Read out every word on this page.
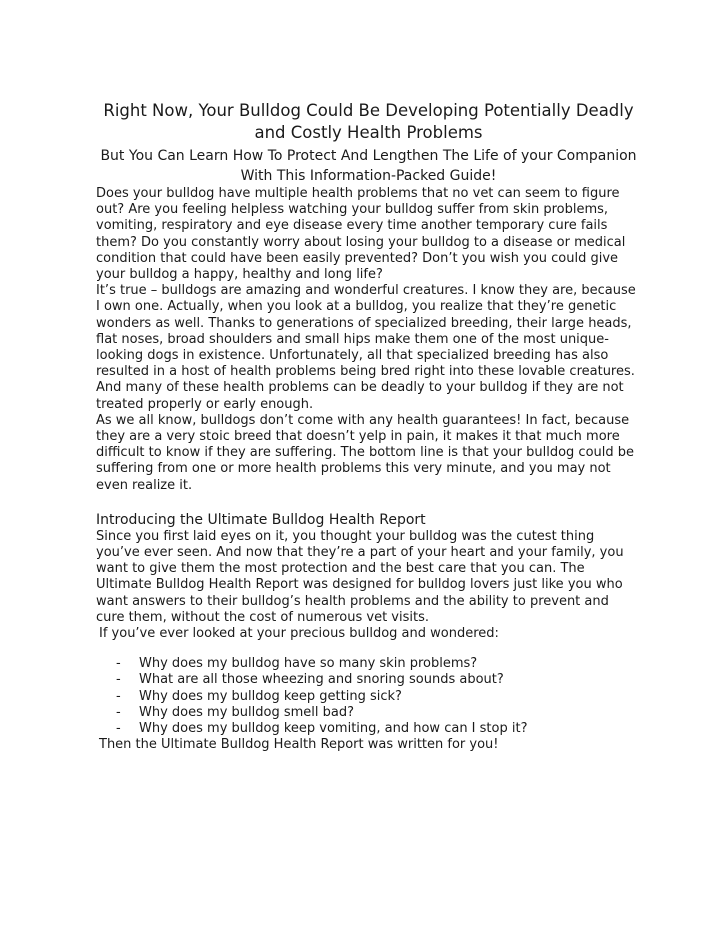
Right Now, Your Bulldog Could Be Developing Potentially Deadly and Costly Health Problems
But You Can Learn How To Protect And Lengthen The Life of your Companion With This Information-Packed Guide!

Does your bulldog have multiple health problems that no vet can seem to figure out? Are you feeling helpless watching your bulldog suffer from skin problems, vomiting, respiratory and eye disease every time another temporary cure fails them? Do you constantly worry about losing your bulldog to a disease or medical condition that could have been easily prevented? Don’t you wish you could give your bulldog a happy, healthy and long life?

It’s true – bulldogs are amazing and wonderful creatures. I know they are, because I own one. Actually, when you look at a bulldog, you realize that they’re genetic wonders as well. Thanks to generations of specialized breeding, their large heads, flat noses, broad shoulders and small hips make them one of the most unique-looking dogs in existence. Unfortunately, all that specialized breeding has also resulted in a host of health problems being bred right into these lovable creatures. And many of these health problems can be deadly to your bulldog if they are not treated properly or early enough.

As we all know, bulldogs don’t come with any health guarantees! In fact, because they are a very stoic breed that doesn’t yelp in pain, it makes it that much more difficult to know if they are suffering. The bottom line is that your bulldog could be suffering from one or more health problems this very minute, and you may not even realize it.

Introducing the Ultimate Bulldog Health Report

Since you first laid eyes on it, you thought your bulldog was the cutest thing you’ve ever seen. And now that they’re a part of your heart and your family, you want to give them the most protection and the best care that you can. The Ultimate Bulldog Health Report was designed for bulldog lovers just like you who want answers to their bulldog’s health problems and the ability to prevent and cure them, without the cost of numerous vet visits.

If you’ve ever looked at your precious bulldog and wondered:

- Why does my bulldog have so many skin problems?
- What are all those wheezing and snoring sounds about?
- Why does my bulldog keep getting sick?
- Why does my bulldog smell bad?
- Why does my bulldog keep vomiting, and how can I stop it?

Then the Ultimate Bulldog Health Report was written for you!
